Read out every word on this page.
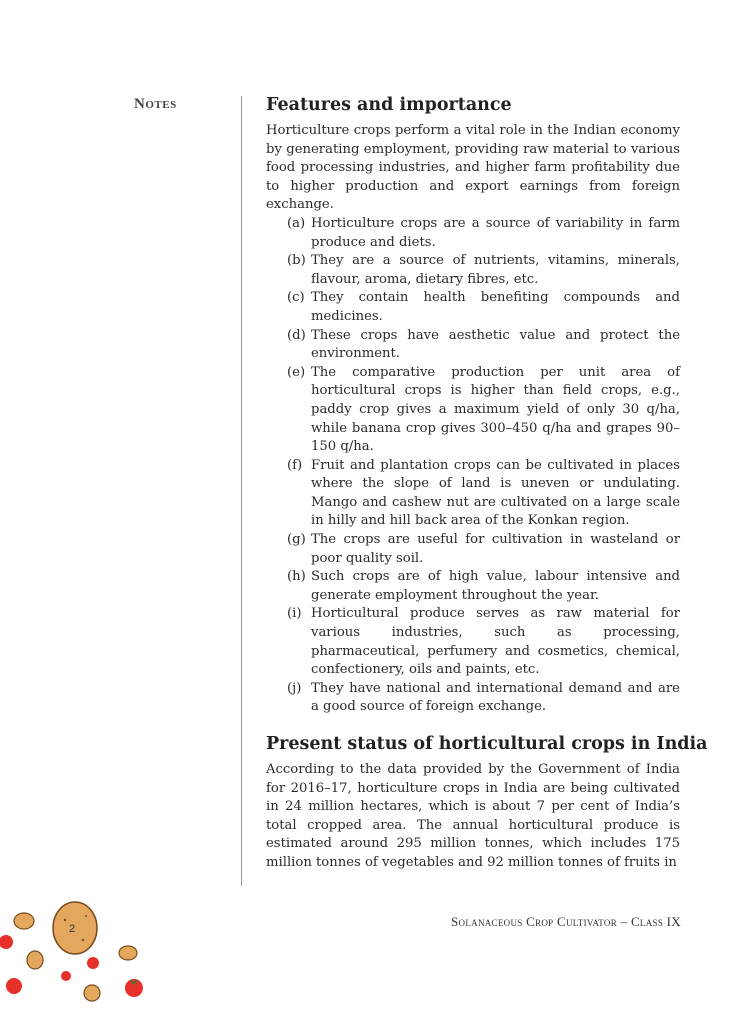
Notes	Features and importance

Horticulture crops perform a vital role in the Indian economy by generating employment, providing raw material to various food processing industries, and higher farm profitability due to higher production and export earnings from foreign exchange.

(a) Horticulture crops are a source of variability in farm produce and diets.
(b) They are a source of nutrients, vitamins, minerals, flavour, aroma, dietary fibres, etc.
(c) They contain health benefiting compounds and medicines.
(d) These crops have aesthetic value and protect the environment.
(e) The comparative production per unit area of horticultural crops is higher than field crops, e.g., paddy crop gives a maximum yield of only 30 q/ha, while banana crop gives 300–450 q/ha and grapes 90–150 q/ha.
(f) Fruit and plantation crops can be cultivated in places where the slope of land is uneven or undulating. Mango and cashew nut are cultivated on a large scale in hilly and hill back area of the Konkan region.
(g) The crops are useful for cultivation in wasteland or poor quality soil.
(h) Such crops are of high value, labour intensive and generate employment throughout the year.
(i) Horticultural produce serves as raw material for various industries, such as processing, pharmaceutical, perfumery and cosmetics, chemical, confectionery, oils and paints, etc.
(j) They have national and international demand and are a good source of foreign exchange.
Present status of horticultural crops in India

According to the data provided by the Government of India for 2016–17, horticulture crops in India are being cultivated in 24 million hectares, which is about 7 per cent of India’s total cropped area. The annual horticultural produce is estimated around 295 million tonnes, which includes 175 million tonnes of vegetables and 92 million tonnes of fruits in

Solanaceous Crop Cultivator – Class IX
2
